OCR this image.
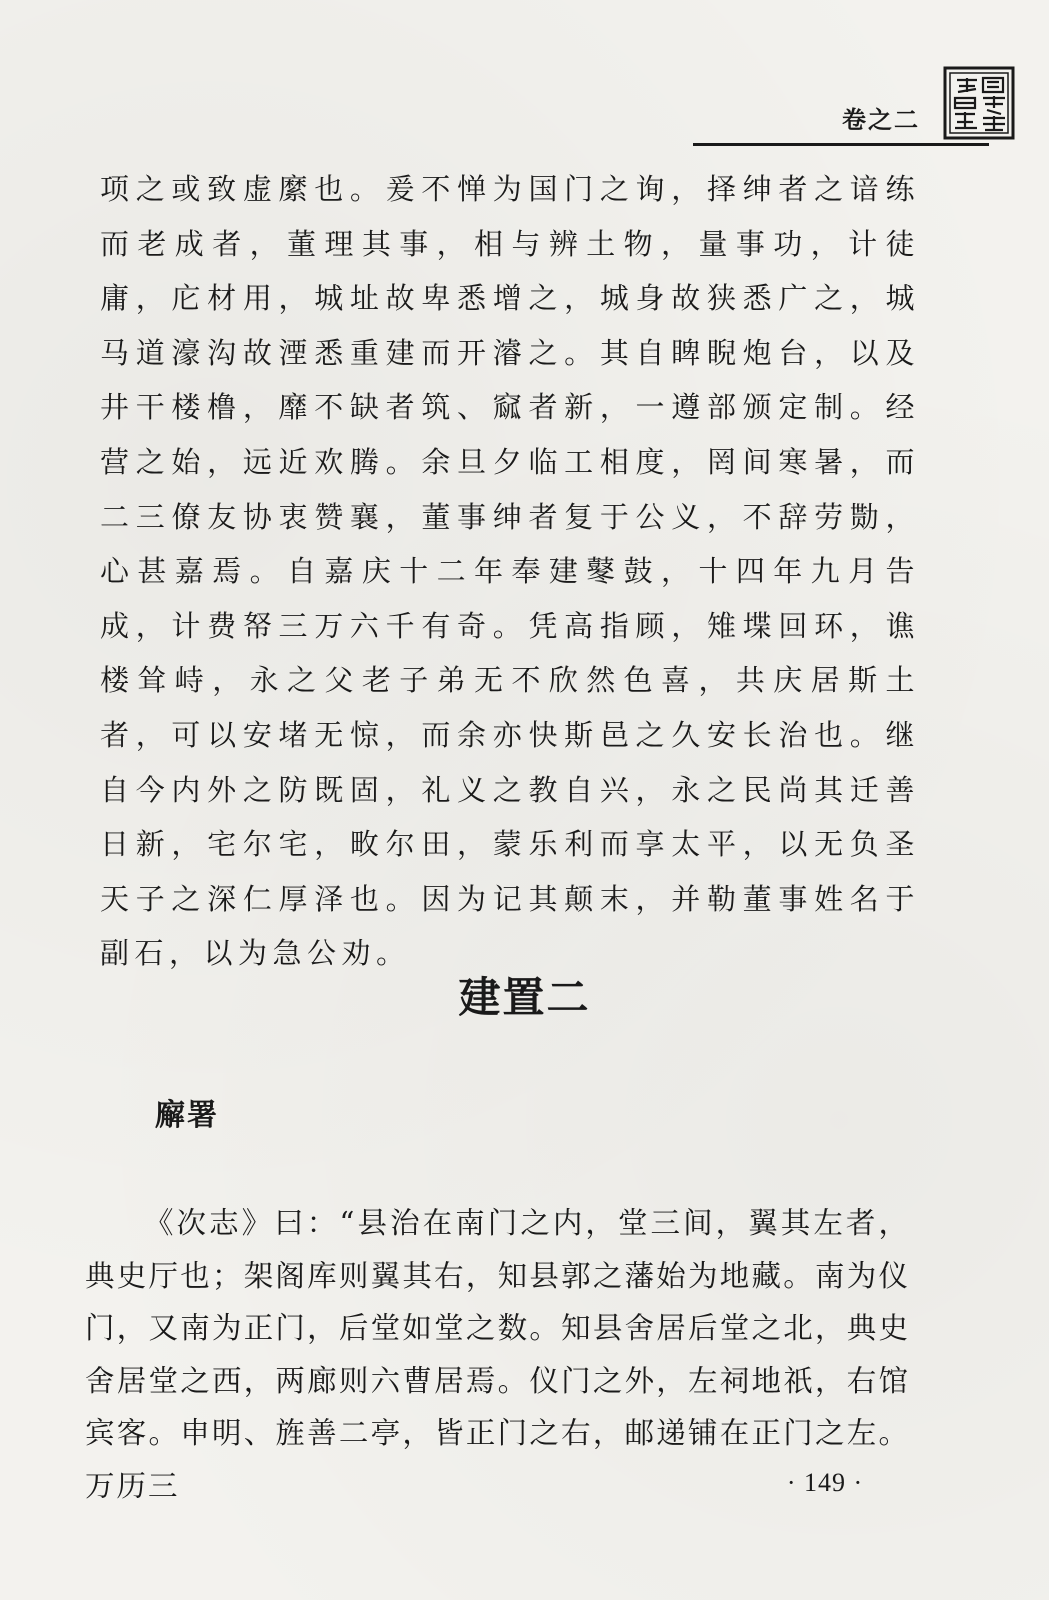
卷之二

项之或致虚縻也。爰不惮为国门之询，择绅者之谙练而老成者，董理其事，相与辨土物，量事功，计徒庸，庀材用，城址故卑悉增之，城身故狭悉广之，城马道濠沟故湮悉重建而开濬之。其自睥睨炮台，以及井干楼橹，靡不缺者筑、窳者新，一遵部颁定制。经营之始，远近欢腾。余旦夕临工相度，罔间寒暑，而二三僚友协衷赞襄，董事绅者复于公义，不辞劳勚，心甚嘉焉。自嘉庆十二年奉建鼕鼓，十四年九月告成，计费帑三万六千有奇。凭高指顾，雉堞回环，谯楼耸峙，永之父老子弟无不欣然色喜，共庆居斯土者，可以安堵无惊，而余亦快斯邑之久安长治也。继自今内外之防既固，礼义之教自兴，永之民尚其迁善日新，宅尔宅，畋尔田，蒙乐利而享太平，以无负圣天子之深仁厚泽也。因为记其颠末，并勒董事姓名于副石，以为急公劝。

建置二
廨署

《次志》曰：“县治在南门之内，堂三间，翼其左者，典史厅也；架阁库则翼其右，知县郭之藩始为地藏。南为仪门，又南为正门，后堂如堂之数。知县舍居后堂之北，典史舍居堂之西，两廊则六曹居焉。仪门之外，左祠地祇，右馆宾客。申明、旌善二亭，皆正门之右，邮递铺在正门之左。万历三	· 149 ·
